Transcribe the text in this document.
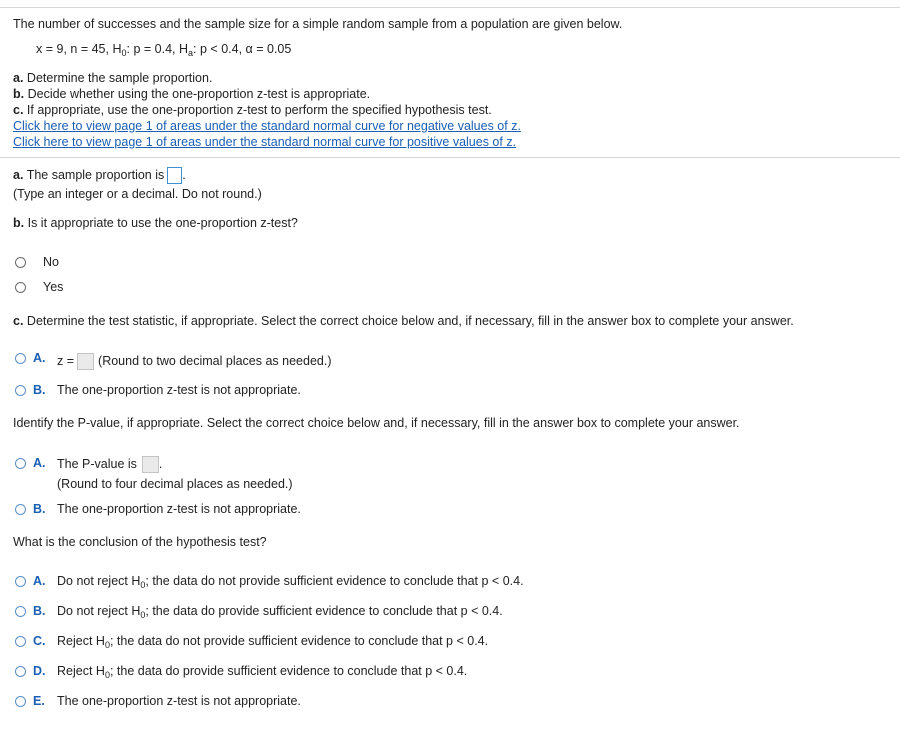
The number of successes and the sample size for a simple random sample from a population are given below.
x = 9, n = 45, $H_0$: p = 0.4, $H_a$: p < 0.4, α = 0.05
a. Determine the sample proportion.
b. Decide whether using the one-proportion z-test is appropriate.
c. If appropriate, use the one-proportion z-test to perform the specified hypothesis test.
Click here to view page 1 of areas under the standard normal curve for negative values of z.
Click here to view page 1 of areas under the standard normal curve for positive values of z.
a. The sample proportion is .
(Type an integer or a decimal. Do not round.)
b. Is it appropriate to use the one-proportion z-test?
No
Yes
c. Determine the test statistic, if appropriate. Select the correct choice below and, if necessary, fill in the answer box to complete your answer.
A. z = (Round to two decimal places as needed.)
B. The one-proportion z-test is not appropriate.
Identify the P-value, if appropriate. Select the correct choice below and, if necessary, fill in the answer box to complete your answer.
A. The P-value is .
(Round to four decimal places as needed.)
B. The one-proportion z-test is not appropriate.
What is the conclusion of the hypothesis test?
A. Do not reject $H_0$; the data do not provide sufficient evidence to conclude that p < 0.4.
B. Do not reject $H_0$; the data do provide sufficient evidence to conclude that p < 0.4.
C. Reject $H_0$; the data do not provide sufficient evidence to conclude that p < 0.4.
D. Reject $H_0$; the data do provide sufficient evidence to conclude that p < 0.4.
E. The one-proportion z-test is not appropriate.
